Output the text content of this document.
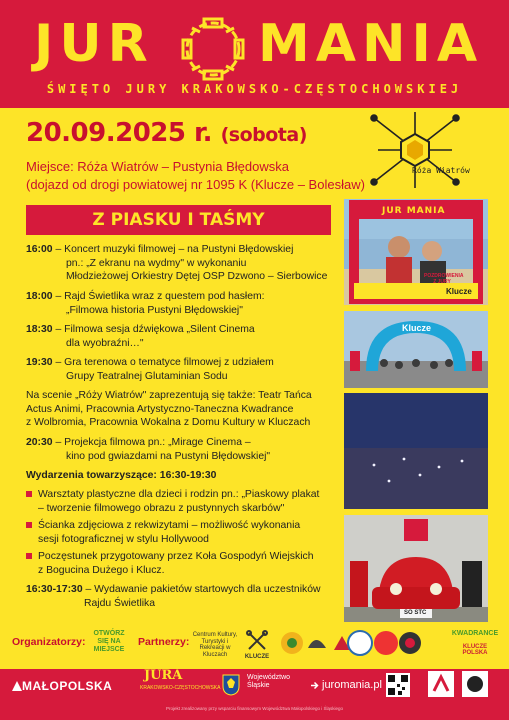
JUR MANIA
ŚWIĘTO JURY KRAKOWSKO-CZĘSTOCHOWSKIEJ
20.09.2025 r. (sobota)
Miejsce: Róża Wiatrów – Pustynia Błędowska
(dojazd od drogi powiatowej nr 1095 K (Klucze – Bolesław)
Róża Wiatrów
Z PIASKU I TAŚMY
16:00 – Koncert muzyki filmowej – na Pustyni Błędowskiej
pn.: „Z ekranu na wydmy" w wykonaniu
Młodzieżowej Orkiestry Dętej OSP Dzwono – Sierbowice
18:00 – Rajd Świetlika wraz z questem pod hasłem:
„Filmowa historia Pustyni Błędowskiej"
18:30 – Filmowa sesja dźwiękowa „Silent Cinema
dla wyobraźni…"
19:30 – Gra terenowa o tematyce filmowej z udziałem
Grupy Teatralnej Glutaminian Sodu
Na scenie „Róży Wiatrów" zaprezentują się także: Teatr Tańca
Actus Animi, Pracownia Artystyczno-Taneczna Kwadrance
z Wolbromia, Pracownia Wokalna z Domu Kultury w Kluczach
20:30 – Projekcja filmowa pn.: „Mirage Cinema –
kino pod gwiazdami na Pustyni Błędowskiej"
Wydarzenia towarzyszące: 16:30-19:30
Warsztaty plastyczne dla dzieci i rodzin pn.: „Piaskowy plakat
– tworzenie filmowego obrazu z pustynnych skarbów"
Ścianka zdjęciowa z rekwizytami – możliwość wykonania
sesji fotograficznej w stylu Hollywood
Poczęstunek przygotowany przez Koła Gospodyń Wiejskich
z Bogucina Dużego i Klucz.
16:30-17:30 – Wydawanie pakietów startowych dla uczestników
Rajdu Świetlika
JUR MANIA
POZDROWIENIA Z JURY
Klucze
Klucze
SO STC
Organizatorzy:
OTWÓRZ SIĘ NA MIEJSCE
Partnerzy:
Centrum Kultury, Turystyki i Rekreacji w Kluczach	KLUCZE
KWADRANCE
KLUCZE POLSKA
MAŁOPOLSKA
JURA
KRAKOWSKO-CZĘSTOCHOWSKA
Województwo
Śląskie	juromania.pl
Projekt zrealizowany przy wsparciu finansowym Województwa Małopolskiego i Śląskiego
